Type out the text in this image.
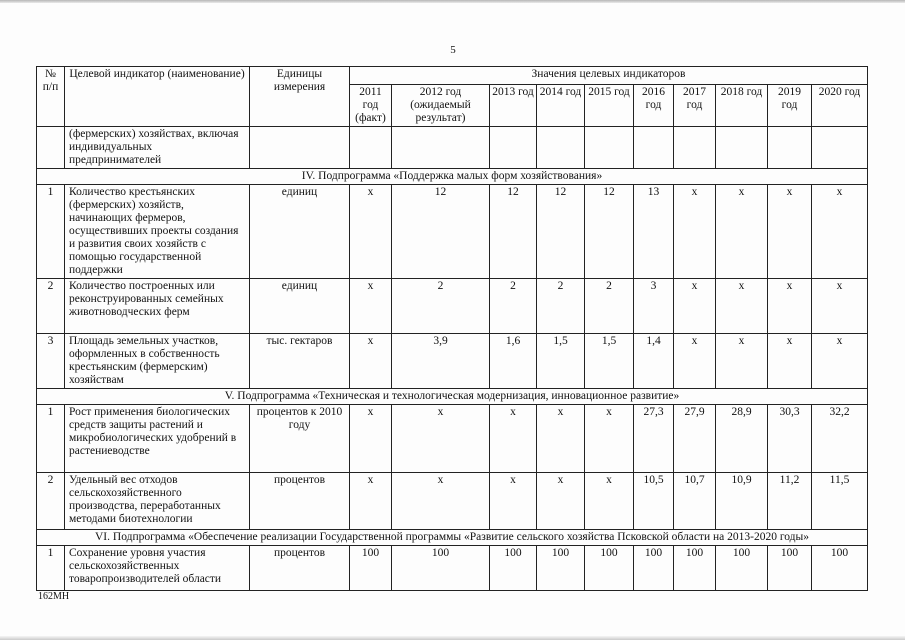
5
№ п/п	Целевой индикатор (наименование)	Единицы измерения	Значения целевых индикаторов									
			2011 год (факт)	2012 год (ожидаемый результат)	2013 год	2014 год	2015 год	2016 год	2017 год	2018 год	2019 год	2020 год
	(фермерских) хозяйствах, включая индивидуальных предпринимателей											
IV. Подпрограмма «Поддержка малых форм хозяйствования»												
1	Количество крестьянских (фермерских) хозяйств, начинающих фермеров, осуществивших проекты создания и развития своих хозяйств с помощью государственной поддержки	единиц	х	12	12	12	12	13	х	х	х	х
2	Количество построенных или реконструированных семейных животноводческих ферм	единиц	х	2	2	2	2	3	х	х	х	х
3	Площадь земельных участков, оформленных в собственность крестьянским (фермерским) хозяйствам	тыс. гектаров	х	3,9	1,6	1,5	1,5	1,4	х	х	х	х
V. Подпрограмма «Техническая и технологическая модернизация, инновационное развитие»												
1	Рост применения биологических средств защиты растений и микробиологических удобрений в растениеводстве	процентов к 2010 году	х	х	х	х	х	27,3	27,9	28,9	30,3	32,2
2	Удельный вес отходов сельскохозяйственного производства, переработанных методами биотехнологии	процентов	х	х	х	х	х	10,5	10,7	10,9	11,2	11,5
VI. Подпрограмма «Обеспечение реализации Государственной программы «Развитие сельского хозяйства Псковской области на 2013-2020 годы»												
1	Сохранение уровня участия сельскохозяйственных товаропроизводителей области	процентов	100	100	100	100	100	100	100	100	100	100
162MH
